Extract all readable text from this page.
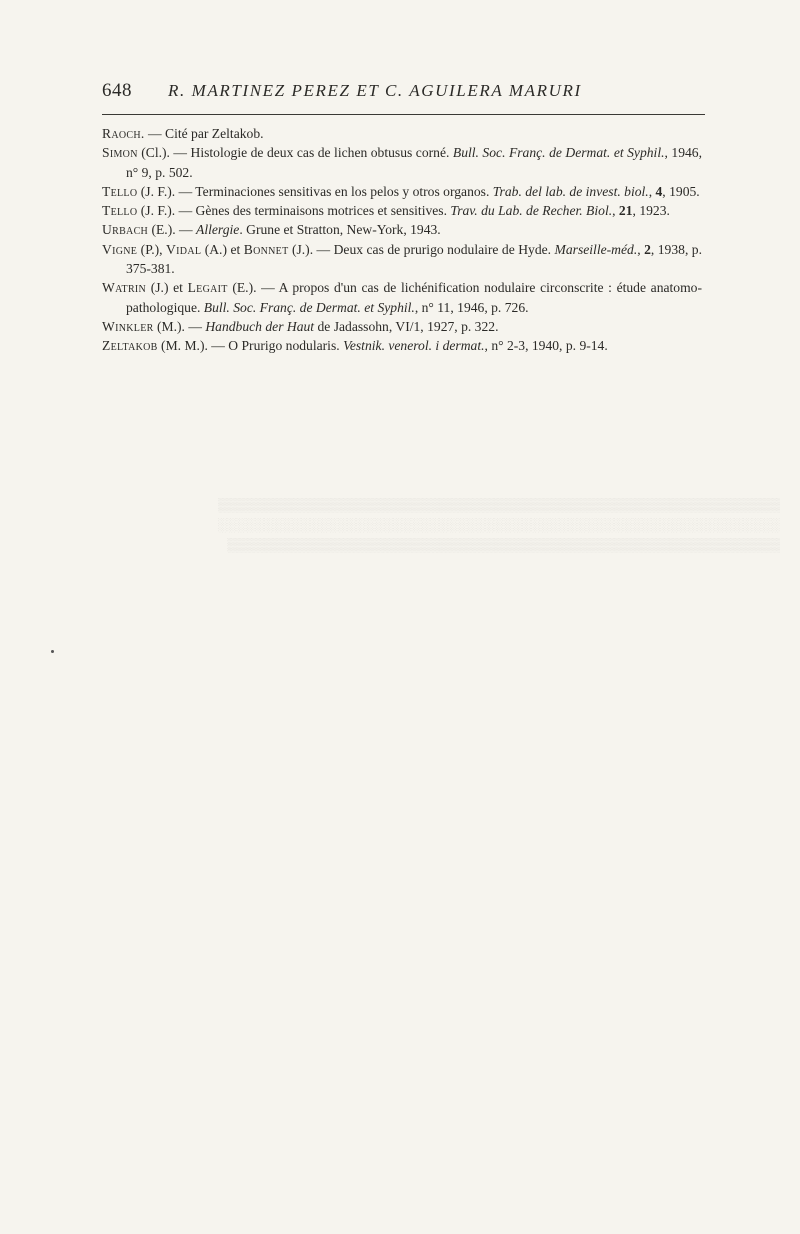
648 R. MARTINEZ PEREZ ET C. AGUILERA MARURI

Raoch. — Cité par Zeltakob.

Simon (Cl.). — Histologie de deux cas de lichen obtusus corné. Bull. Soc. Franç. de Dermat. et Syphil., 1946, n° 9, p. 502.

Tello (J. F.). — Terminaciones sensitivas en los pelos y otros organos. Trab. del lab. de invest. biol., 4, 1905.

Tello (J. F.). — Gènes des terminaisons motrices et sensitives. Trav. du Lab. de Recher. Biol., 21, 1923.

Urbach (E.). — Allergie. Grune et Stratton, New-York, 1943.

Vigne (P.), Vidal (A.) et Bonnet (J.). — Deux cas de prurigo nodulaire de Hyde. Marseille-méd., 2, 1938, p. 375-381.

Watrin (J.) et Legait (E.). — A propos d'un cas de lichénification nodulaire circonscrite : étude anatomo-pathologique. Bull. Soc. Franç. de Dermat. et Syphil., n° 11, 1946, p. 726.

Winkler (M.). — Handbuch der Haut de Jadassohn, VI/1, 1927, p. 322.

Zeltakob (M. M.). — O Prurigo nodularis. Vestnik. venerol. i dermat., n° 2-3, 1940, p. 9-14.

​▒▒▒▒▒▒▒▒▒▒▒▒▒▒▒▒▒▒▒▒▒▒▒▒▒▒▒▒▒▒▒▒▒▒▒▒▒▒▒▒▒▒▒▒▒▒▒▒▒▒▒▒▒▒▒▒▒▒▒▒▒
​░░░░░░░░░░░░░░░░░░░░░░░░░░░░░░░░░░░░░░░░░░░░░░░░░░░░░░░░░░░░░
​▒▒▒▒▒▒▒▒▒▒▒▒▒▒▒▒▒▒▒▒▒▒▒▒▒▒▒▒▒▒▒▒▒▒▒▒▒▒▒▒▒▒▒▒▒▒▒▒▒▒▒▒▒▒▒▒▒▒▒▒
